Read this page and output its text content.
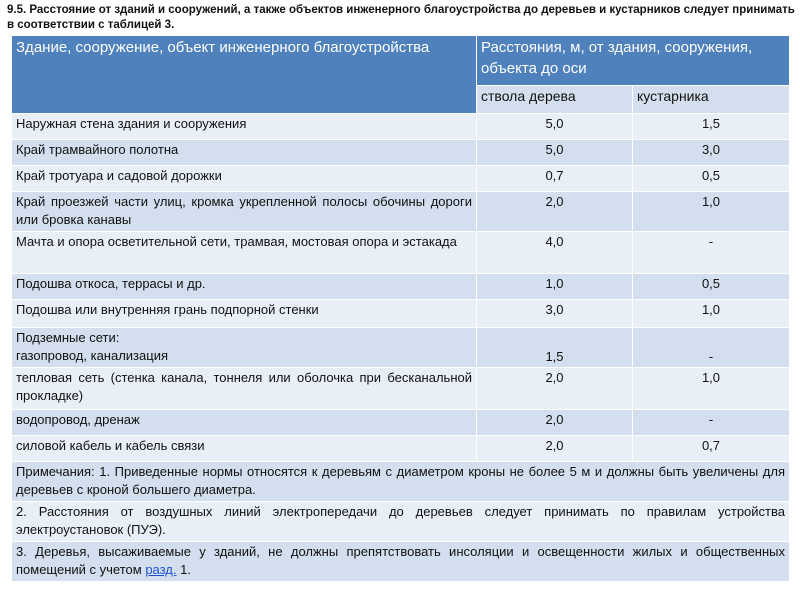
9.5. Расстояние от зданий и сооружений, а также объектов инженерного благоустройства до деревьев и кустарников следует принимать в соответствии с таблицей 3.
Здание, сооружение, объект инженерного благоустройства	Расстояния, м, от здания, сооружения, объекта до оси	
	ствола дерева	кустарника
Наружная стена здания и сооружения	5,0	1,5
Край трамвайного полотна	5,0	3,0
Край тротуара и садовой дорожки	0,7	0,5
Край проезжей части улиц, кромка укрепленной полосы обочины дороги или бровка канавы	2,0	1,0
Мачта и опора осветительной сети, трамвая, мостовая опора и эстакада	4,0	-
Подошва откоса, террасы и др.	1,0	0,5
Подошва или внутренняя грань подпорной стенки	3,0	1,0

Подземные сети:
газопровод, канализация	1,5	-
тепловая сеть (стенка канала, тоннеля или оболочка при бесканальной прокладке)	2,0	1,0
водопровод, дренаж	2,0	-
силовой кабель и кабель связи	2,0	0,7
Примечания: 1. Приведенные нормы относятся к деревьям с диаметром кроны не более 5 м и должны быть увеличены для деревьев с кроной большего диаметра.		
2. Расстояния от воздушных линий электропередачи до деревьев следует принимать по правилам устройства электроустановок (ПУЭ).		
3. Деревья, высаживаемые у зданий, не должны препятствовать инсоляции и освещенности жилых и общественных помещений с учетом разд. 1.		
